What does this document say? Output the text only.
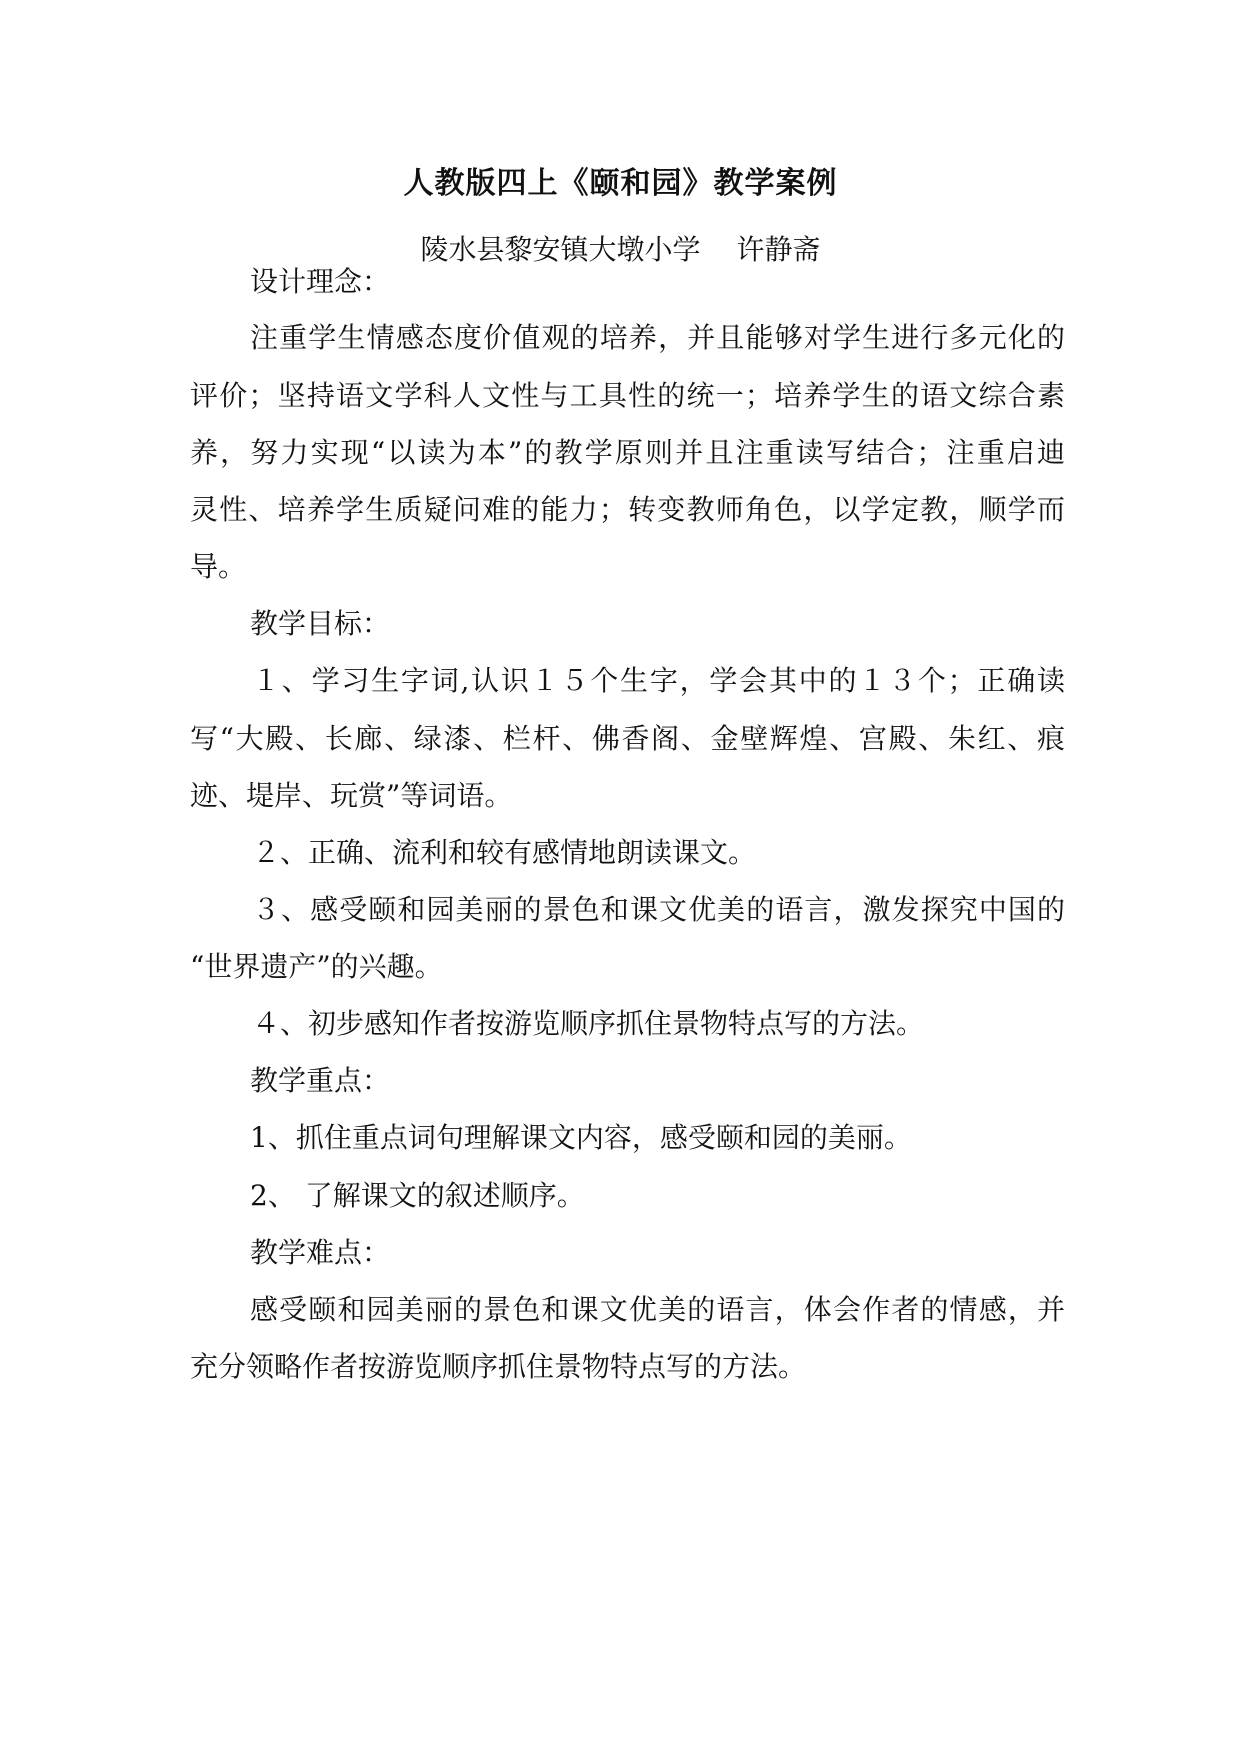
人教版四上《颐和园》教学案例
陵水县黎安镇大墩小学 许静斋
设计理念：
注重学生情感态度价值观的培养，并且能够对学生进行多元化的
评价；坚持语文学科人文性与工具性的统一；培养学生的语文综合素
养，努力实现“以读为本”的教学原则并且注重读写结合；注重启迪
灵性、培养学生质疑问难的能力；转变教师角色，以学定教，顺学而
导。
教学目标：
１、学习生字词,认识１５个生字，学会其中的１３个；正确读
写“大殿、长廊、绿漆、栏杆、佛香阁、金壁辉煌、宫殿、朱红、痕
迹、堤岸、玩赏”等词语。
２、正确、流利和较有感情地朗读课文。
３、感受颐和园美丽的景色和课文优美的语言，激发探究中国的
“世界遗产”的兴趣。
４、初步感知作者按游览顺序抓住景物特点写的方法。
教学重点：
1、抓住重点词句理解课文内容，感受颐和园的美丽。
2、 了解课文的叙述顺序。
教学难点：
感受颐和园美丽的景色和课文优美的语言，体会作者的情感，并
充分领略作者按游览顺序抓住景物特点写的方法。
